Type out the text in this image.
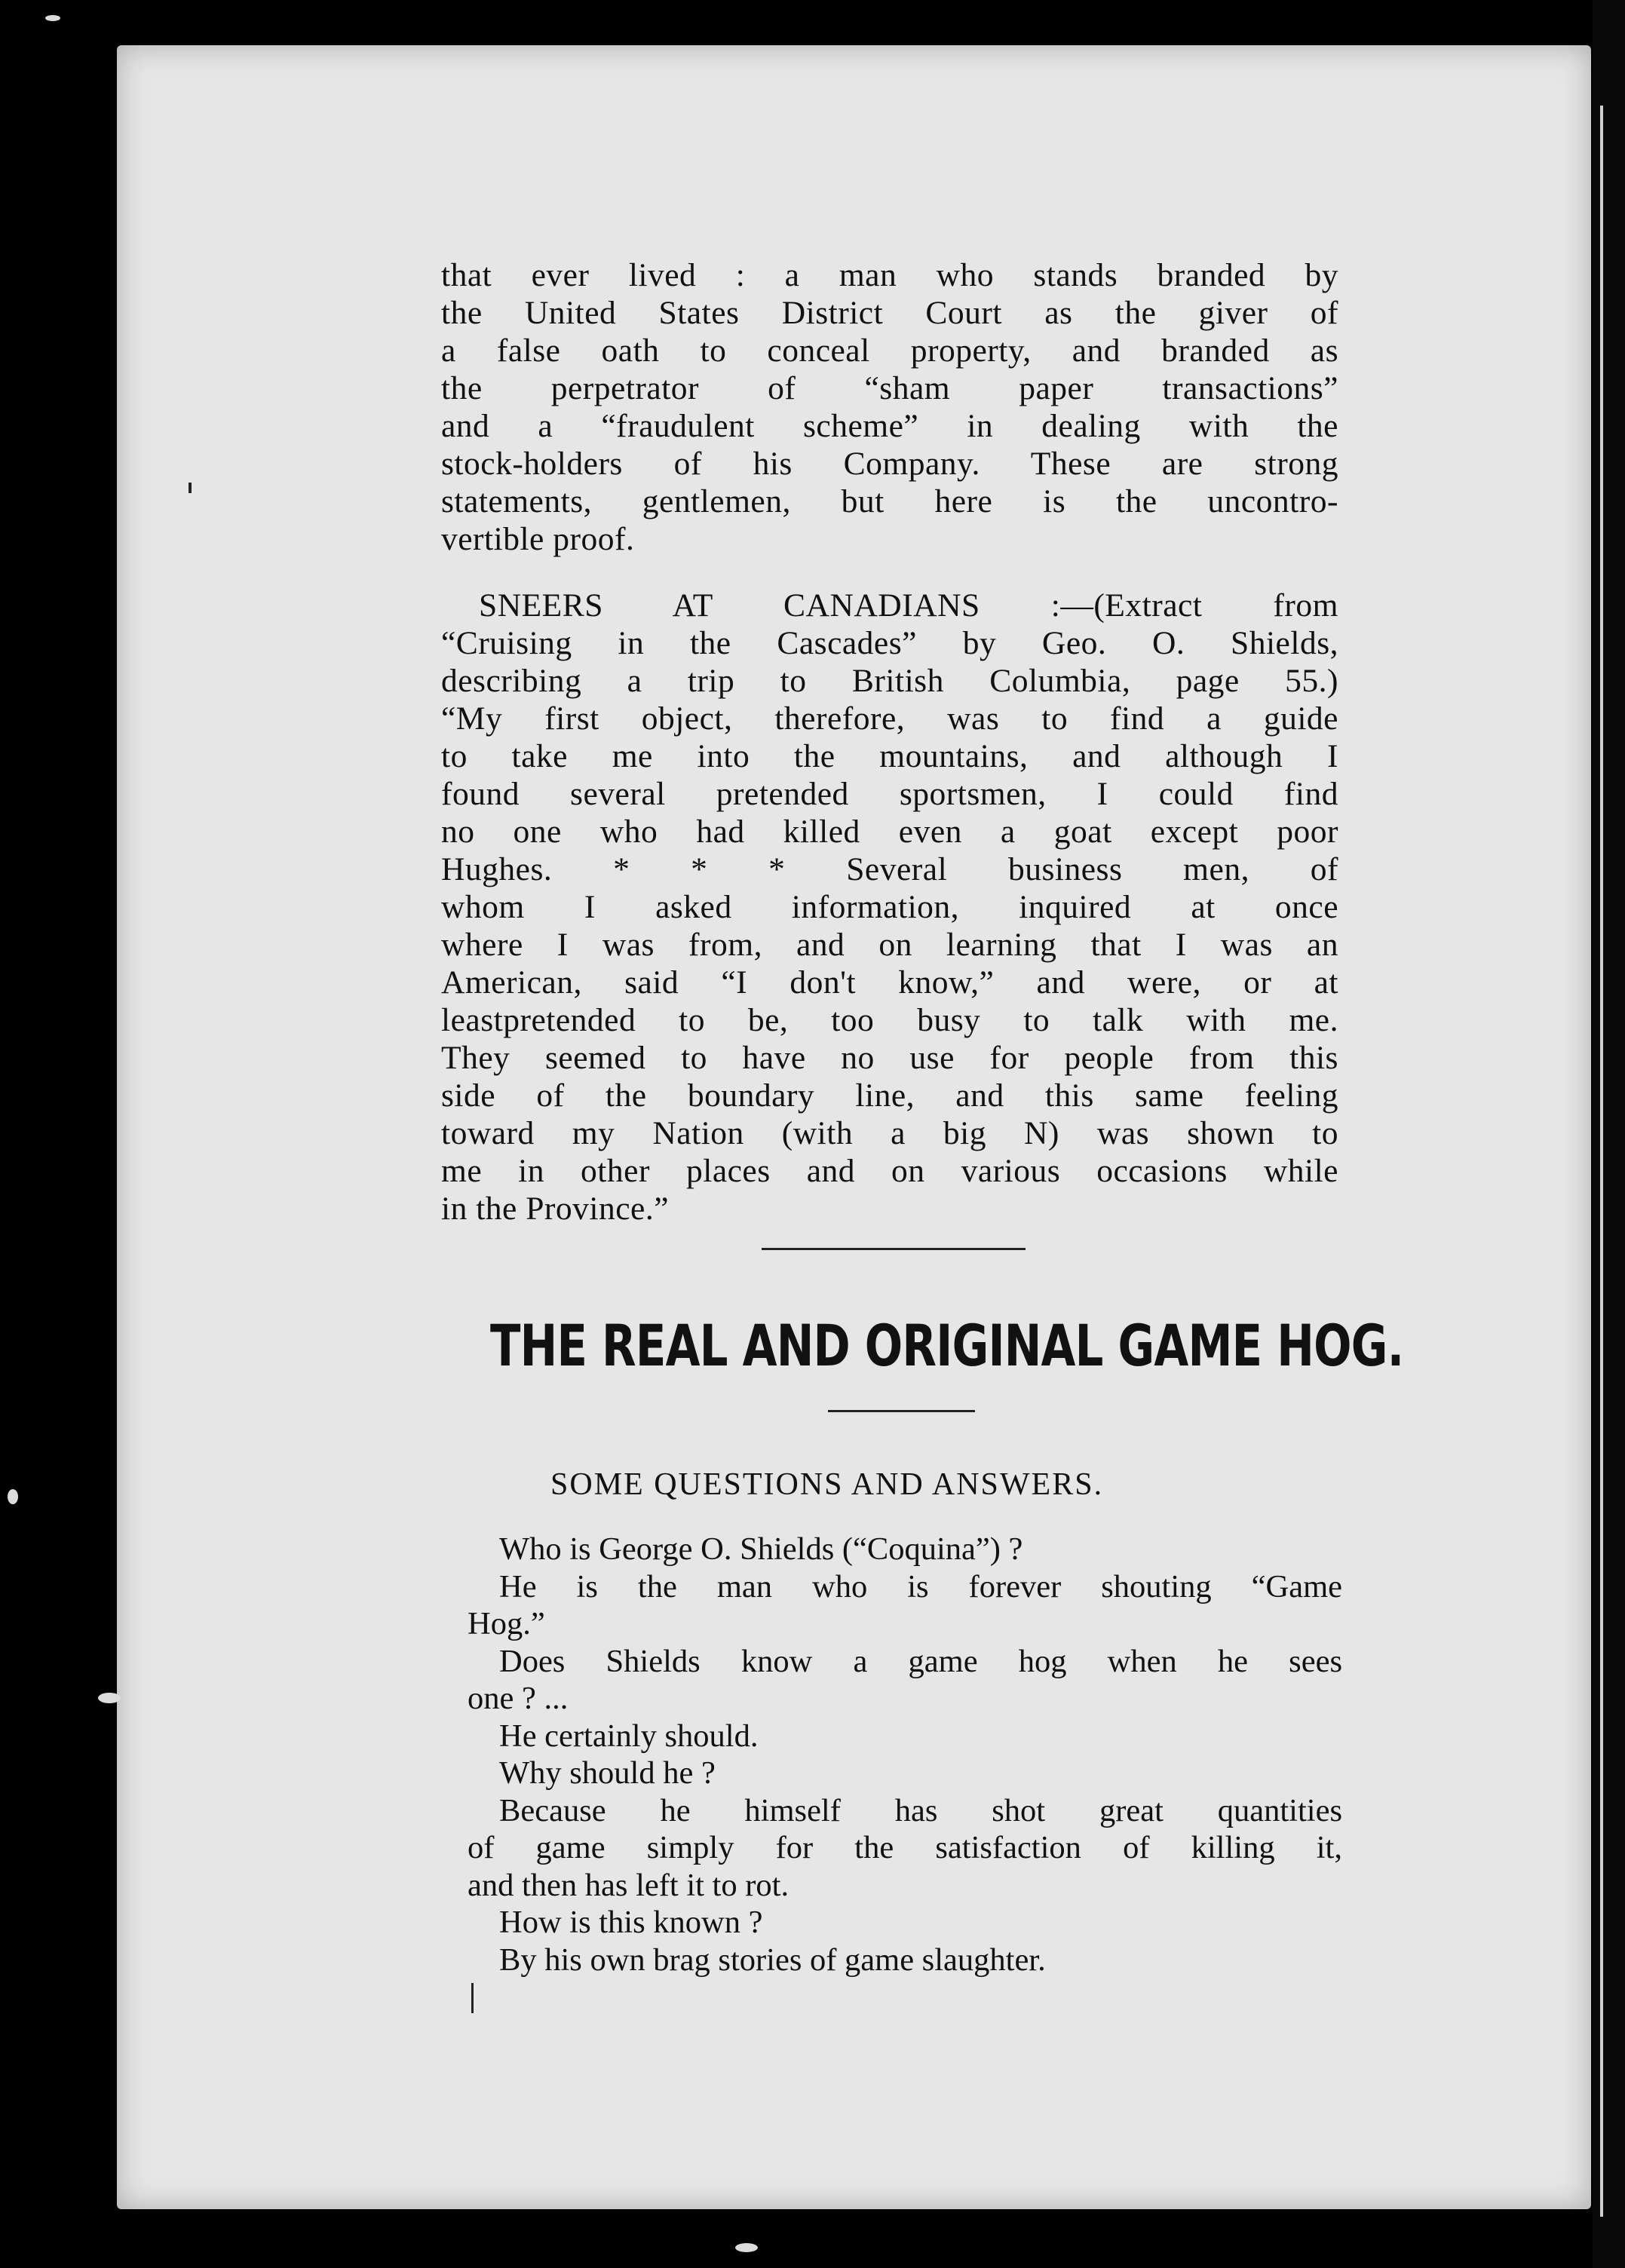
that ever lived : a man who stands branded by
the United States District Court as the giver of
a false oath to conceal property, and branded as
the perpetrator of “sham paper transactions”
and a “fraudulent scheme” in dealing with the
stock-holders of his Company. These are strong
statements, gentlemen, but here is the uncontro-
vertible proof.
SNEERS AT CANADIANS :—(Extract from
“Cruising in the Cascades” by Geo. O. Shields,
describing a trip to British Columbia, page 55.)
“My first object, therefore, was to find a guide
to take me into the mountains, and although I
found several pretended sportsmen, I could find
no one who had killed even a goat except poor
Hughes. * * * Several business men, of
whom I asked information, inquired at once
where I was from, and on learning that I was an
American, said “I don't know,” and were, or at
leastpretended to be, too busy to talk with me.
They seemed to have no use for people from this
side of the boundary line, and this same feeling
toward my Nation (with a big N) was shown to
me in other places and on various occasions while
in the Province.”
THE REAL AND ORIGINAL GAME HOG.
SOME QUESTIONS AND ANSWERS.
Who is George O. Shields (“Coquina”) ?
He is the man who is forever shouting “Game
Hog.”
Does Shields know a game hog when he sees
one ? ...
He certainly should.
Why should he ?
Because he himself has shot great quantities
of game simply for the satisfaction of killing it,
and then has left it to rot.
How is this known ?
By his own brag stories of game slaughter.
